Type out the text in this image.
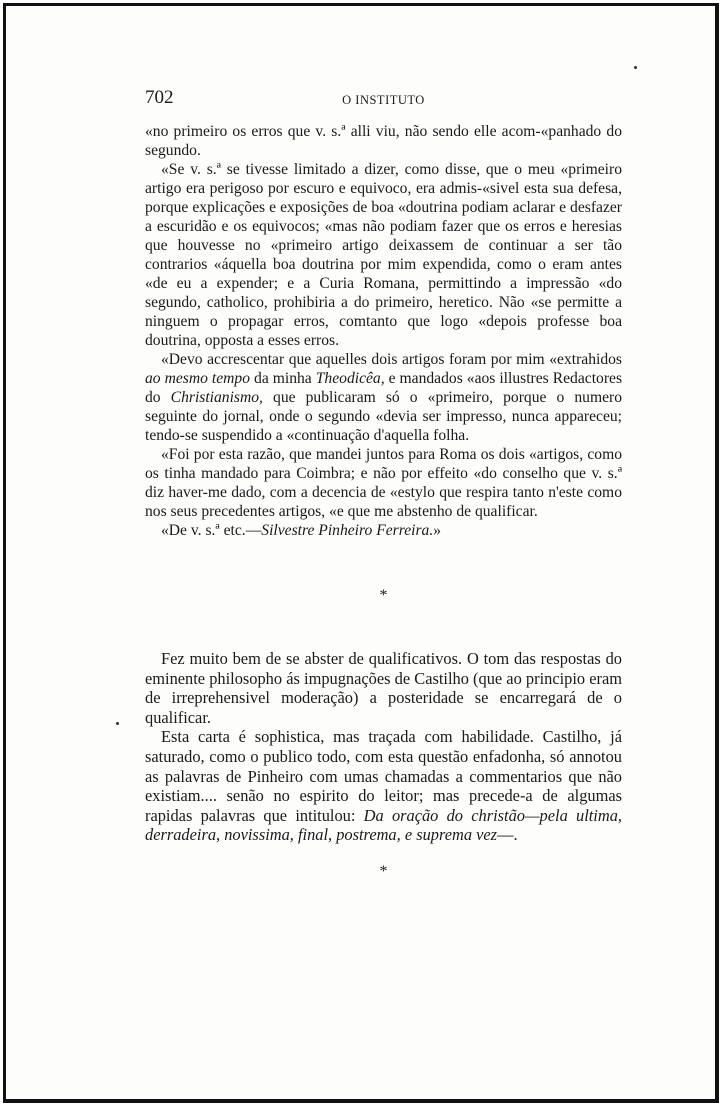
702	O INSTITUTO

«no primeiro os erros que v. s.ª alli viu, não sendo elle acom-«panhado do segundo.

«Se v. s.ª se tivesse limitado a dizer, como disse, que o meu «primeiro artigo era perigoso por escuro e equivoco, era admis-«sivel esta sua defesa, porque explicações e exposições de boa «doutrina podiam aclarar e desfazer a escuridão e os equivocos; «mas não podiam fazer que os erros e heresias que houvesse no «primeiro artigo deixassem de continuar a ser tão contrarios «áquella boa doutrina por mim expendida, como o eram antes «de eu a expender; e a Curia Romana, permittindo a impressão «do segundo, catholico, prohibiria a do primeiro, heretico. Não «se permitte a ninguem o propagar erros, comtanto que logo «depois professe boa doutrina, opposta a esses erros.

«Devo accrescentar que aquelles dois artigos foram por mim «extrahidos ao mesmo tempo da minha Theodicêa, e mandados «aos illustres Redactores do Christianismo, que publicaram só o «primeiro, porque o numero seguinte do jornal, onde o segundo «devia ser impresso, nunca appareceu; tendo-se suspendido a «continuação d'aquella folha.

«Foi por esta razão, que mandei juntos para Roma os dois «artigos, como os tinha mandado para Coimbra; e não por effeito «do conselho que v. s.ª diz haver-me dado, com a decencia de «estylo que respira tanto n'este como nos seus precedentes artigos, «e que me abstenho de qualificar.

«De v. s.ª etc.—Silvestre Pinheiro Ferreira.»

*

Fez muito bem de se abster de qualificativos. O tom das respostas do eminente philosopho ás impugnações de Castilho (que ao principio eram de irreprehensivel moderação) a posteridade se encarregará de o qualificar.

Esta carta é sophistica, mas traçada com habilidade. Castilho, já saturado, como o publico todo, com esta questão enfadonha, só annotou as palavras de Pinheiro com umas chamadas a commentarios que não existiam.... senão no espirito do leitor; mas precede-a de algumas rapidas palavras que intitulou: Da oração do christão—pela ultima, derradeira, novissima, final, postrema, e suprema vez—.

*
